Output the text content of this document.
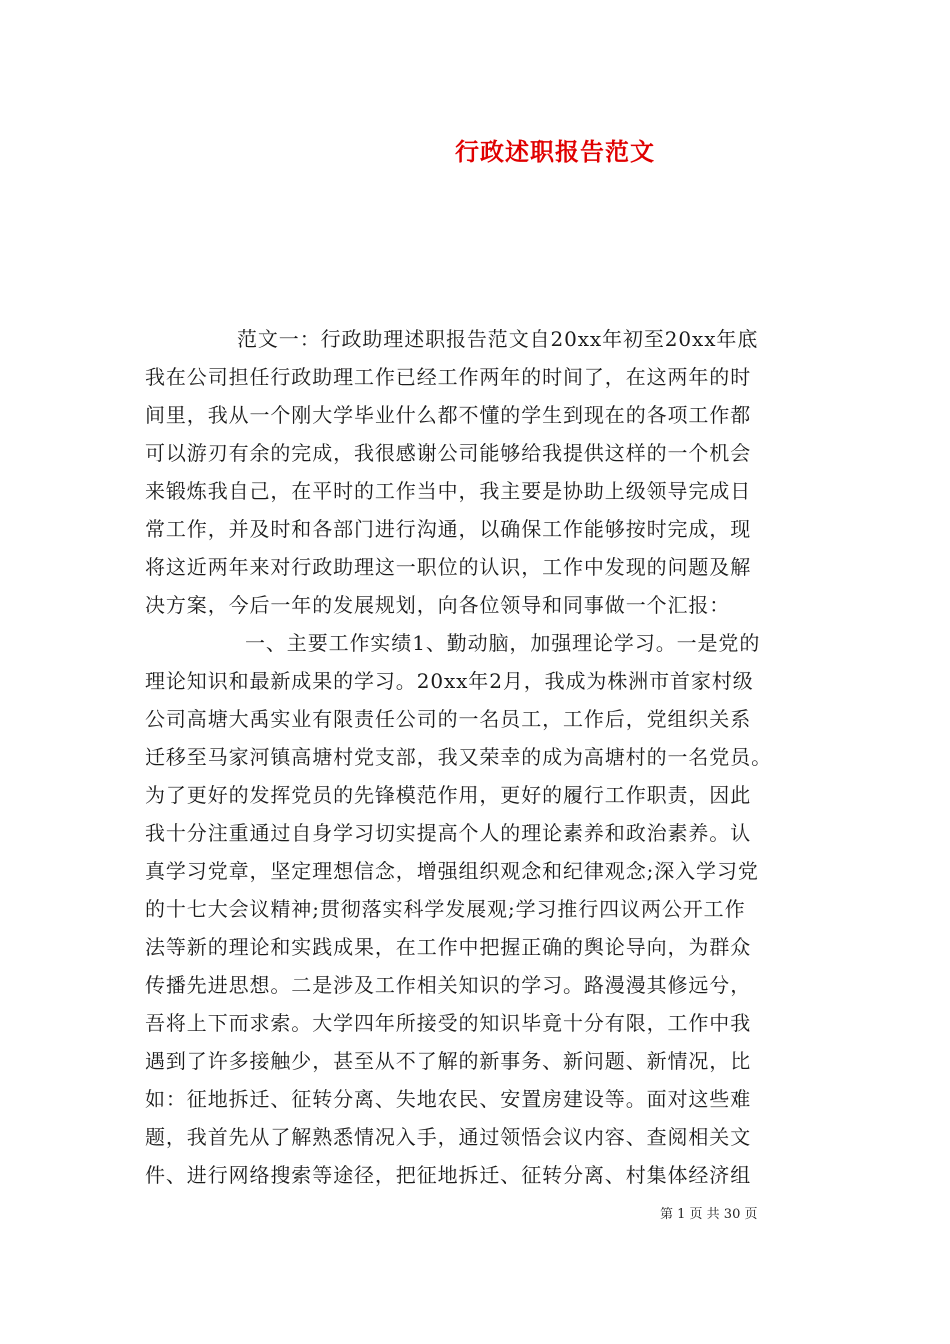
行政述职报告范文
范文一：行政助理述职报告范文自20xx年初至20xx年底
我在公司担任行政助理工作已经工作两年的时间了，在这两年的时
间里，我从一个刚大学毕业什么都不懂的学生到现在的各项工作都
可以游刃有余的完成，我很感谢公司能够给我提供这样的一个机会
来锻炼我自己，在平时的工作当中，我主要是协助上级领导完成日
常工作，并及时和各部门进行沟通，以确保工作能够按时完成，现
将这近两年来对行政助理这一职位的认识，工作中发现的问题及解
决方案，今后一年的发展规划，向各位领导和同事做一个汇报：
一、主要工作实绩1、勤动脑，加强理论学习。一是党的
理论知识和最新成果的学习。20xx年2月，我成为株洲市首家村级
公司高塘大禹实业有限责任公司的一名员工，工作后，党组织关系
迁移至马家河镇高塘村党支部，我又荣幸的成为高塘村的一名党员。
为了更好的发挥党员的先锋模范作用，更好的履行工作职责，因此
我十分注重通过自身学习切实提高个人的理论素养和政治素养。认
真学习党章，坚定理想信念，增强组织观念和纪律观念;深入学习党
的十七大会议精神;贯彻落实科学发展观;学习推行四议两公开工作
法等新的理论和实践成果，在工作中把握正确的舆论导向，为群众
传播先进思想。二是涉及工作相关知识的学习。路漫漫其修远兮，
吾将上下而求索。大学四年所接受的知识毕竟十分有限，工作中我
遇到了许多接触少，甚至从不了解的新事务、新问题、新情况，比
如：征地拆迁、征转分离、失地农民、安置房建设等。面对这些难
题，我首先从了解熟悉情况入手，通过领悟会议内容、查阅相关文
件、进行网络搜索等途径，把征地拆迁、征转分离、村集体经济组
第 1 页 共 30 页
